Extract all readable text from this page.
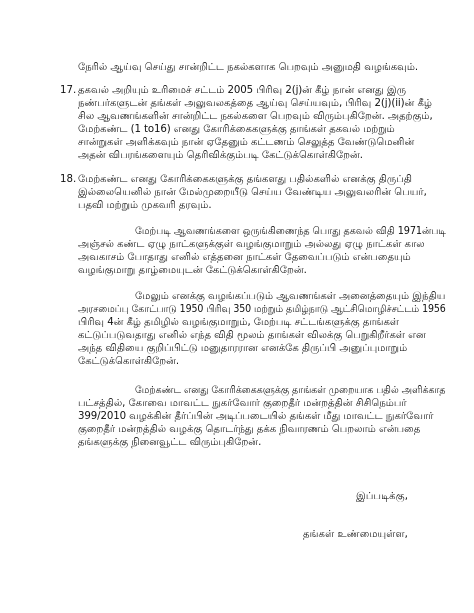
நேரில் ஆய்வு செய்து சான்றிட்ட நகல்களாக பெறவும் அனுமதி வழங்கவும்.
17. தகவல் அறியும் உரிமைச் சட்டம் 2005 பிரிவு 2(j)ன் கீழ் நான் எனது இரு
நண்பர்களுடன் தங்கள் அலுவலகத்தை ஆய்வு செய்யவும், பிரிவு 2(j)(ii)ன் கீழ்
சில ஆவணங்களின் சான்றிட்ட நகல்களை பெறவும் விரும்புகிறேன். அதற்கும்,
மேற்கண்ட (1 to16) எனது கோரிக்கைகளுக்கு தாங்கள் தகவல் மற்றும்
சான்றுகள் அளிக்கவும் நான் ஏதேனும் கட்டணம் செலுத்த வேண்டுமெனின்
அதன் விபரங்களையும் தெரிவிக்கும்படி கேட்டுக்கொள்கிறேன்.
18. மேற்கண்ட எனது கோரிக்கைகளுக்கு தங்களது பதில்களில் எனக்கு திருப்தி
இல்லையெனில் நான் மேல்முறையீடு செய்ய வேண்டிய அலுவலரின் பெயர்,
பதவி மற்றும் முகவரி தரவும்.
மேற்படி ஆவணங்களை ஒருங்கிணைந்த பொது தகவல் விதி 1971ன்படி
அஞ்சல் கண்ட ஏழு நாட்களுக்குள் வழங்குமாறும் அல்லது ஏழு நாட்கள் கால
அவகாசம் போதாது எனில் எத்தனை நாட்கள் தேவைப்படும் என்பதையும்
வழங்குமாறு தாழ்மையுடன் கேட்டுக்கொள்கிறேன்.
மேலும் எனக்கு வழங்கப்படும் ஆவணங்கள் அனைத்தையும் இந்திய
அரசமைப்பு கோட்பாடு 1950 பிரிவு 350 மற்றும் தமிழ்நாடு ஆட்சிமொழிச்சட்டம் 1956
பிரிவு 4ன் கீழ் தமிழில் வழங்குமாறும், மேற்படி சட்டங்களுக்கு தாங்கள்
கட்டுப்படுவதாது எனில் எந்த விதி மூலம் தாங்கள் விலக்கு பெறுகிறீர்கள் என
அந்த விதியை குறிப்பிட்டு மனுதாரரான எனக்கே திருப்பி அனுப்புமாறும்
கேட்டுக்கொள்கிறேன்.
மேற்கண்ட எனது கோரிக்கைகளுக்கு தாங்கள் முறையாக பதில் அளிக்காத
பட்சத்தில், கோவை மாவட்ட நுகர்வோர் குறைதீர் மன்றத்தின் சிசிநெம்பர்
399/2010 வழக்கின் தீர்ப்பின் அடிப்படையில் தங்கள் மீது மாவட்ட நுகர்வோர்
குறைதீர் மன்றத்தில் வழக்கு தொடர்ந்து தக்க நிவாரணம் பெறலாம் என்பதை
தங்களுக்கு நினைவூட்ட விரும்புகிறேன்.
இப்படிக்கு,
தங்கள் உண்மையுள்ள,
